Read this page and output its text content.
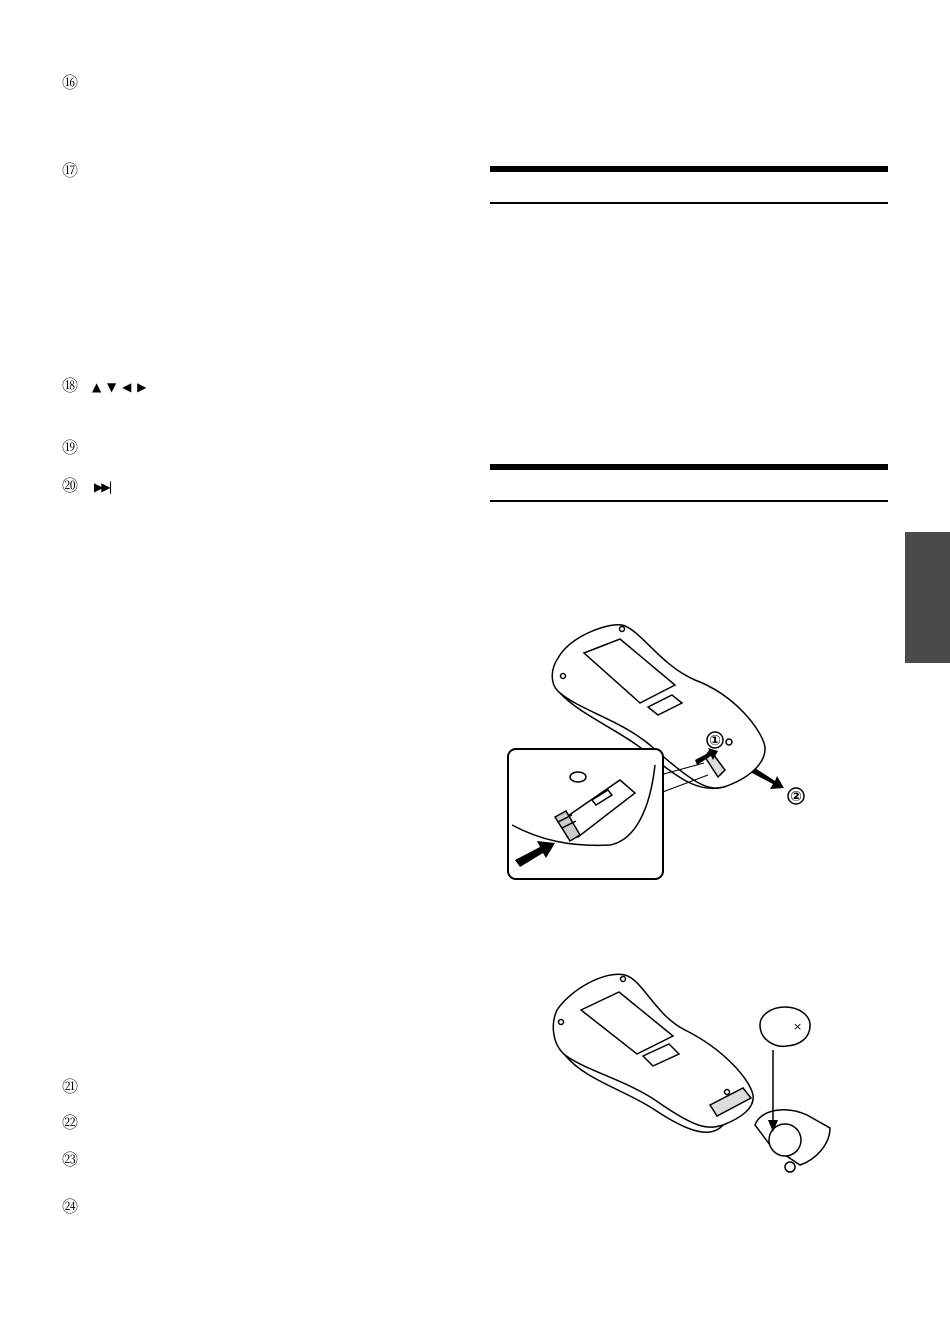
⑯
⑰
⑱ ▲ ▼ ◀ ▶
⑲
⑳ ▶▶|
㉑
㉒
㉓
㉔
①
②
×
